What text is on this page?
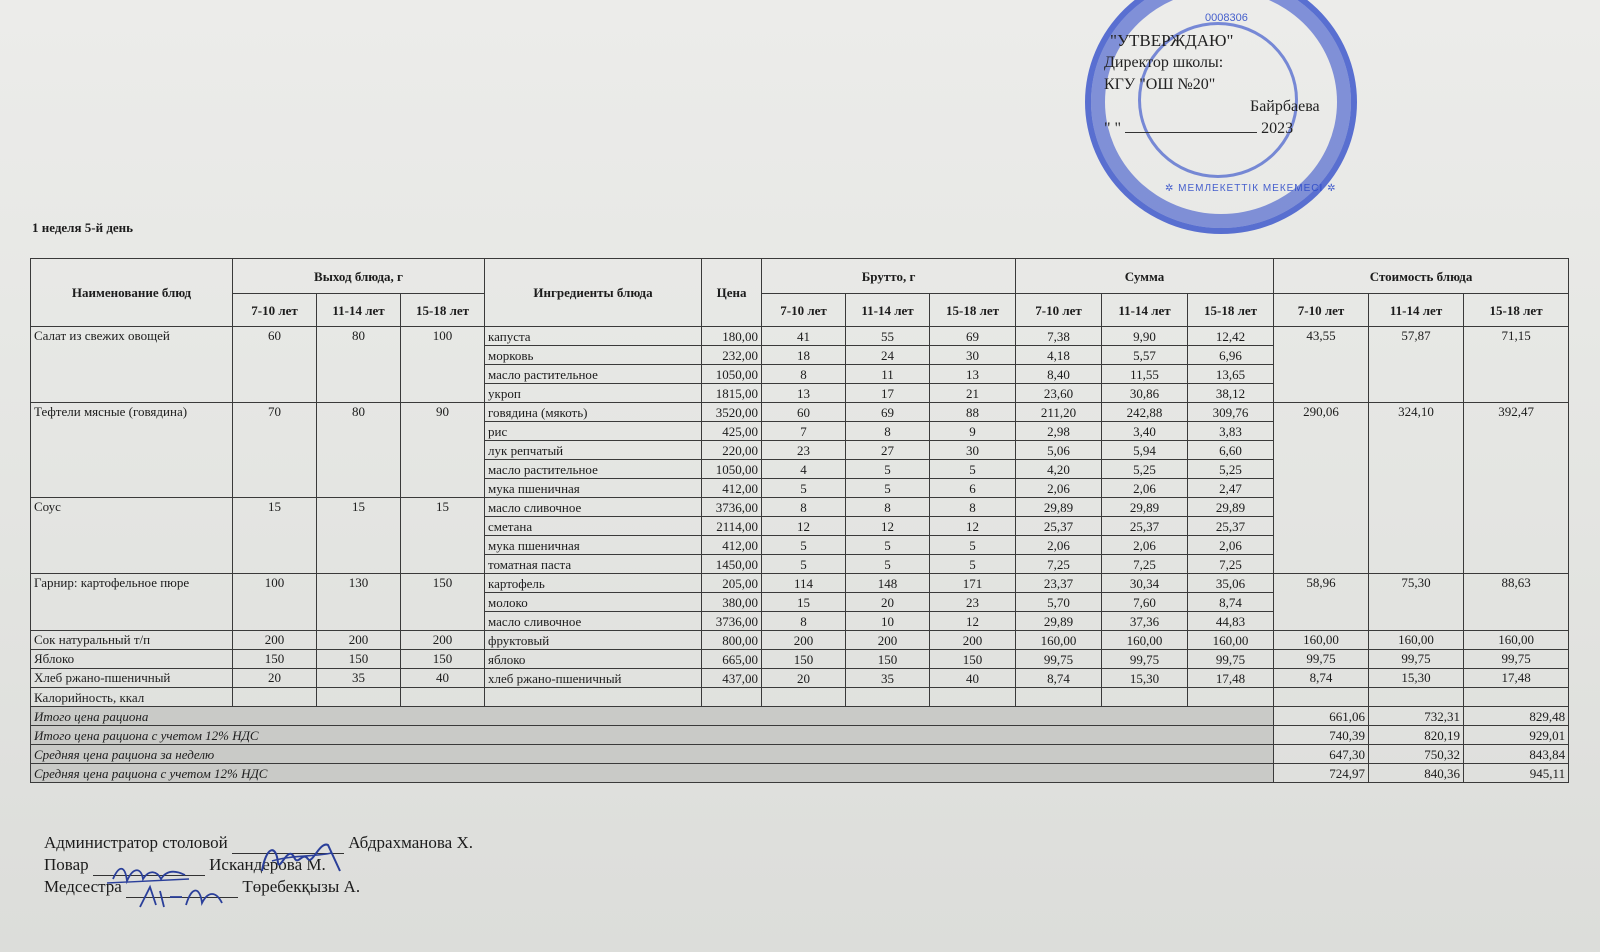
0008306
✲ МЕМЛЕКЕТТІК МЕКЕМЕСІ ✲
"УТВЕРЖДАЮ"
Директор школы:
КГУ "ОШ №20"
Байрбаева
" "	2023
1 неделя 5-й день
Наименование блюд	Выход блюда, г			Ингредиенты блюда	Цена	Брутто, г			Сумма			Стоимость блюда		
	7-10 лет	11-14 лет	15-18 лет			7-10 лет	11-14 лет	15-18 лет	7-10 лет	11-14 лет	15-18 лет	7-10 лет	11-14 лет	15-18 лет
Салат из свежих овощей	60	80	100	капуста	180,00	41	55	69	7,38	9,90	12,42	43,55	57,87	71,15
				морковь	232,00	18	24	30	4,18	5,57	6,96			
				масло растительное	1050,00	8	11	13	8,40	11,55	13,65			
				укроп	1815,00	13	17	21	23,60	30,86	38,12			
Тефтели мясные (говядина)	70	80	90	говядина (мякоть)	3520,00	60	69	88	211,20	242,88	309,76	290,06	324,10	392,47
				рис	425,00	7	8	9	2,98	3,40	3,83			
				лук репчатый	220,00	23	27	30	5,06	5,94	6,60			
				масло растительное	1050,00	4	5	5	4,20	5,25	5,25			
				мука пшеничная	412,00	5	5	6	2,06	2,06	2,47			
Соус	15	15	15	масло сливочное	3736,00	8	8	8	29,89	29,89	29,89			
				сметана	2114,00	12	12	12	25,37	25,37	25,37			
				мука пшеничная	412,00	5	5	5	2,06	2,06	2,06			
				томатная паста	1450,00	5	5	5	7,25	7,25	7,25			
Гарнир: картофельное пюре	100	130	150	картофель	205,00	114	148	171	23,37	30,34	35,06	58,96	75,30	88,63
				молоко	380,00	15	20	23	5,70	7,60	8,74			
				масло сливочное	3736,00	8	10	12	29,89	37,36	44,83			
Сок натуральный т/п	200	200	200	фруктовый	800,00	200	200	200	160,00	160,00	160,00	160,00	160,00	160,00
Яблоко	150	150	150	яблоко	665,00	150	150	150	99,75	99,75	99,75	99,75	99,75	99,75
Хлеб ржано-пшеничный	20	35	40	хлеб ржано-пшеничный	437,00	20	35	40	8,74	15,30	17,48	8,74	15,30	17,48
Калорийность, ккал														
Итого цена рациона												661,06	732,31	829,48
Итого цена рациона с учетом 12% НДС												740,39	820,19	929,01
Средняя цена рациона за неделю												647,30	750,32	843,84
Средняя цена рациона с учетом 12% НДС												724,97	840,36	945,11
Администратор столовой	Абдрахманова Х.
Повар	Искандерова М.
Медсестра	Төребекқызы А.
